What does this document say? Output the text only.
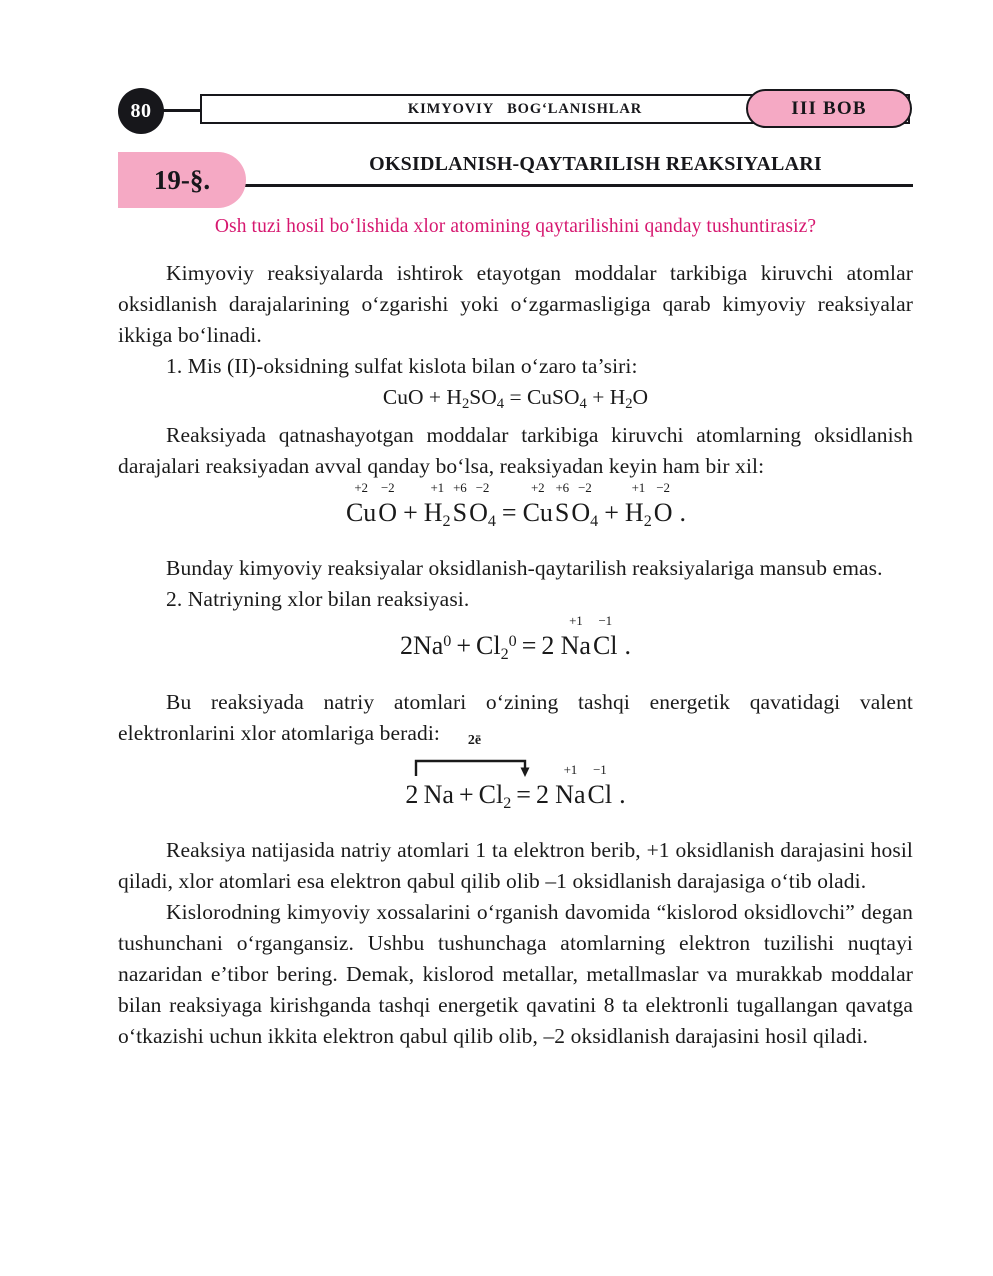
80	KIMYOVIY   BOG‘LANISHLAR	III BOB
19-§.
OKSIDLANISH-QAYTARILISH REAKSIYALARI
Osh tuzi hosil bo‘lishida xlor atomining qaytarilishini qanday tushuntirasiz?

Kimyoviy reaksiyalarda ishtirok etayotgan moddalar tarkibiga kiruvchi atomlar oksidlanish darajalarining o‘zgarishi yoki o‘zgarmasligiga qarab kimyoviy reaksiyalar ikkiga bo‘linadi.

1. Mis (II)-oksidning sulfat kislota bilan o‘zaro ta’siri:

CuO + $H_2SO_4$ = CuSO$_4$ + $H_2O$

Reaksiyada qatnashayotgan moddalar tarkibiga kiruvchi atomlarning oksidlanish darajalari reaksiyadan avval qanday bo‘lsa, reaksiyadan keyin ham bir xil:

+2
Cu
−2
O +
+1
$H_2$
+6
S
−2
$O_4$ =
+2
Cu
+6
S
−2
$O_4$ +
+1
$H_2$
−2
O .

Bunday kimyoviy reaksiyalar oksidlanish-qaytarilish reaksiyalariga mansub emas.

2. Natriyning xlor bilan reaksiyasi.

$2Na^0 + Cl_2^0 = 2$ 
+1
Na
−1
Cl .

Bu reaksiyada natriy atomlari o‘zining tashqi energetik qavatidagi valent elektronlarini xlor atomlariga beradi:	2ē
2 $Na + Cl_2 = 2$ 
+1
Na
−1
Cl .

Reaksiya natijasida natriy atomlari 1 ta elektron berib, +1 oksidlanish darajasini hosil qiladi, xlor atomlari esa elektron qabul qilib olib –1 oksidlanish darajasiga o‘tib oladi.

Kislorodning kimyoviy xossalarini o‘rganish davomida “kislorod oksidlovchi” degan tushunchani o‘rgangansiz. Ushbu tushunchaga atomlarning elektron tuzilishi nuqtayi nazaridan e’tibor bering. Demak, kislorod metallar, metallmaslar va murakkab moddalar bilan reaksiyaga kirishganda tashqi energetik qavatini 8 ta elektronli tugallangan qavatga o‘tkazishi uchun ikkita elektron qabul qilib olib, –2 oksidlanish darajasini hosil qiladi.
